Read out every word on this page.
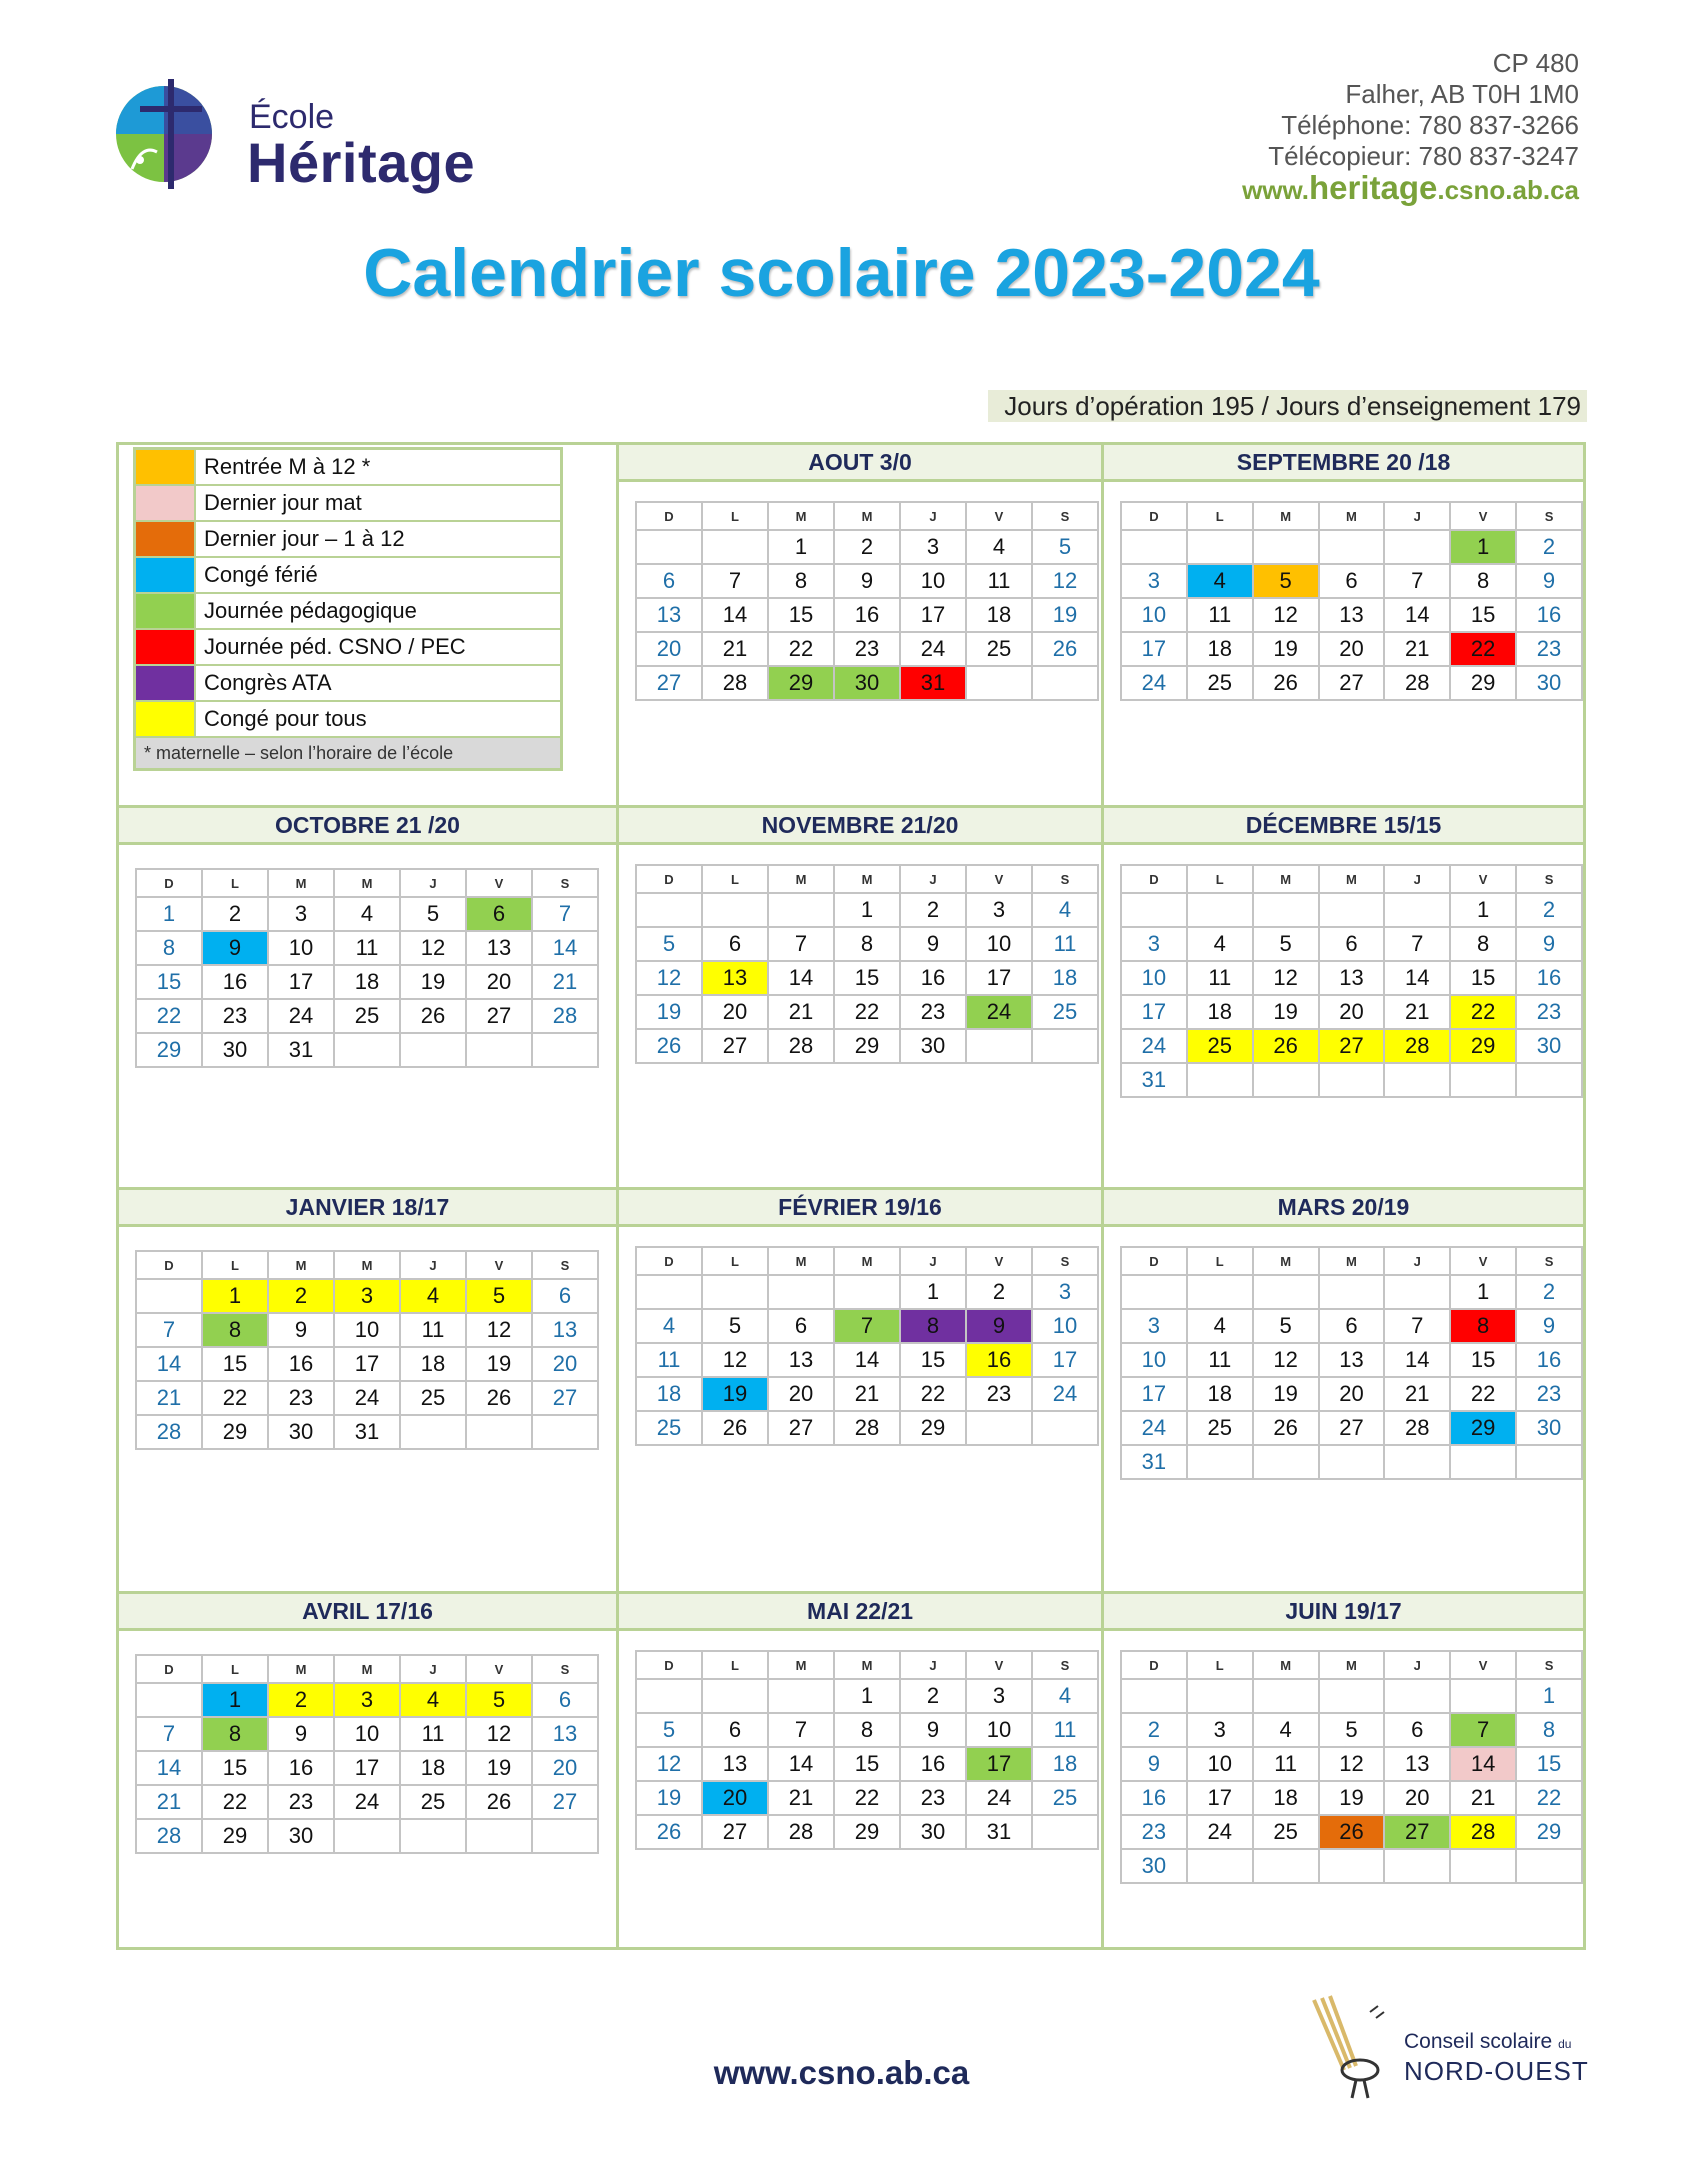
École
Héritage
CP 480
Falher, AB T0H 1M0
Téléphone: 780 837-3266
Télécopieur: 780 837-3247
www.heritage.csno.ab.ca
Calendrier scolaire 2023-2024
Jours d’opération 195 / Jours d’enseignement 179
	Rentrée M à 12 *
	Dernier jour mat
	Dernier jour – 1 à 12
	Congé férié
	Journée pédagogique
	Journée péd. CSNO / PEC
	Congrès ATA
	Congé pour tous
* maternelle – selon l’horaire de l’école	
AOUT 3/0
D	L	M	M	J	V	S
		1	2	3	4	5
6	7	8	9	10	11	12
13	14	15	16	17	18	19
20	21	22	23	24	25	26
27	28	29	30	31		
SEPTEMBRE 20 /18
D	L	M	M	J	V	S
					1	2
3	4	5	6	7	8	9
10	11	12	13	14	15	16
17	18	19	20	21	22	23
24	25	26	27	28	29	30
OCTOBRE 21 /20
D	L	M	M	J	V	S
1	2	3	4	5	6	7
8	9	10	11	12	13	14
15	16	17	18	19	20	21
22	23	24	25	26	27	28
29	30	31				
NOVEMBRE 21/20
D	L	M	M	J	V	S
			1	2	3	4
5	6	7	8	9	10	11
12	13	14	15	16	17	18
19	20	21	22	23	24	25
26	27	28	29	30		
DÉCEMBRE 15/15
D	L	M	M	J	V	S
					1	2
3	4	5	6	7	8	9
10	11	12	13	14	15	16
17	18	19	20	21	22	23
24	25	26	27	28	29	30
31						
JANVIER 18/17
D	L	M	M	J	V	S
	1	2	3	4	5	6
7	8	9	10	11	12	13
14	15	16	17	18	19	20
21	22	23	24	25	26	27
28	29	30	31			
FÉVRIER 19/16
D	L	M	M	J	V	S
				1	2	3
4	5	6	7	8	9	10
11	12	13	14	15	16	17
18	19	20	21	22	23	24
25	26	27	28	29		
MARS 20/19
D	L	M	M	J	V	S
					1	2
3	4	5	6	7	8	9
10	11	12	13	14	15	16
17	18	19	20	21	22	23
24	25	26	27	28	29	30
31						
AVRIL 17/16
D	L	M	M	J	V	S
	1	2	3	4	5	6
7	8	9	10	11	12	13
14	15	16	17	18	19	20
21	22	23	24	25	26	27
28	29	30				
MAI 22/21
D	L	M	M	J	V	S
			1	2	3	4
5	6	7	8	9	10	11
12	13	14	15	16	17	18
19	20	21	22	23	24	25
26	27	28	29	30	31	
JUIN 19/17
D	L	M	M	J	V	S
						1
2	3	4	5	6	7	8
9	10	11	12	13	14	15
16	17	18	19	20	21	22
23	24	25	26	27	28	29
30						
www.csno.ab.ca
Conseil scolaire du
NORD-OUEST
